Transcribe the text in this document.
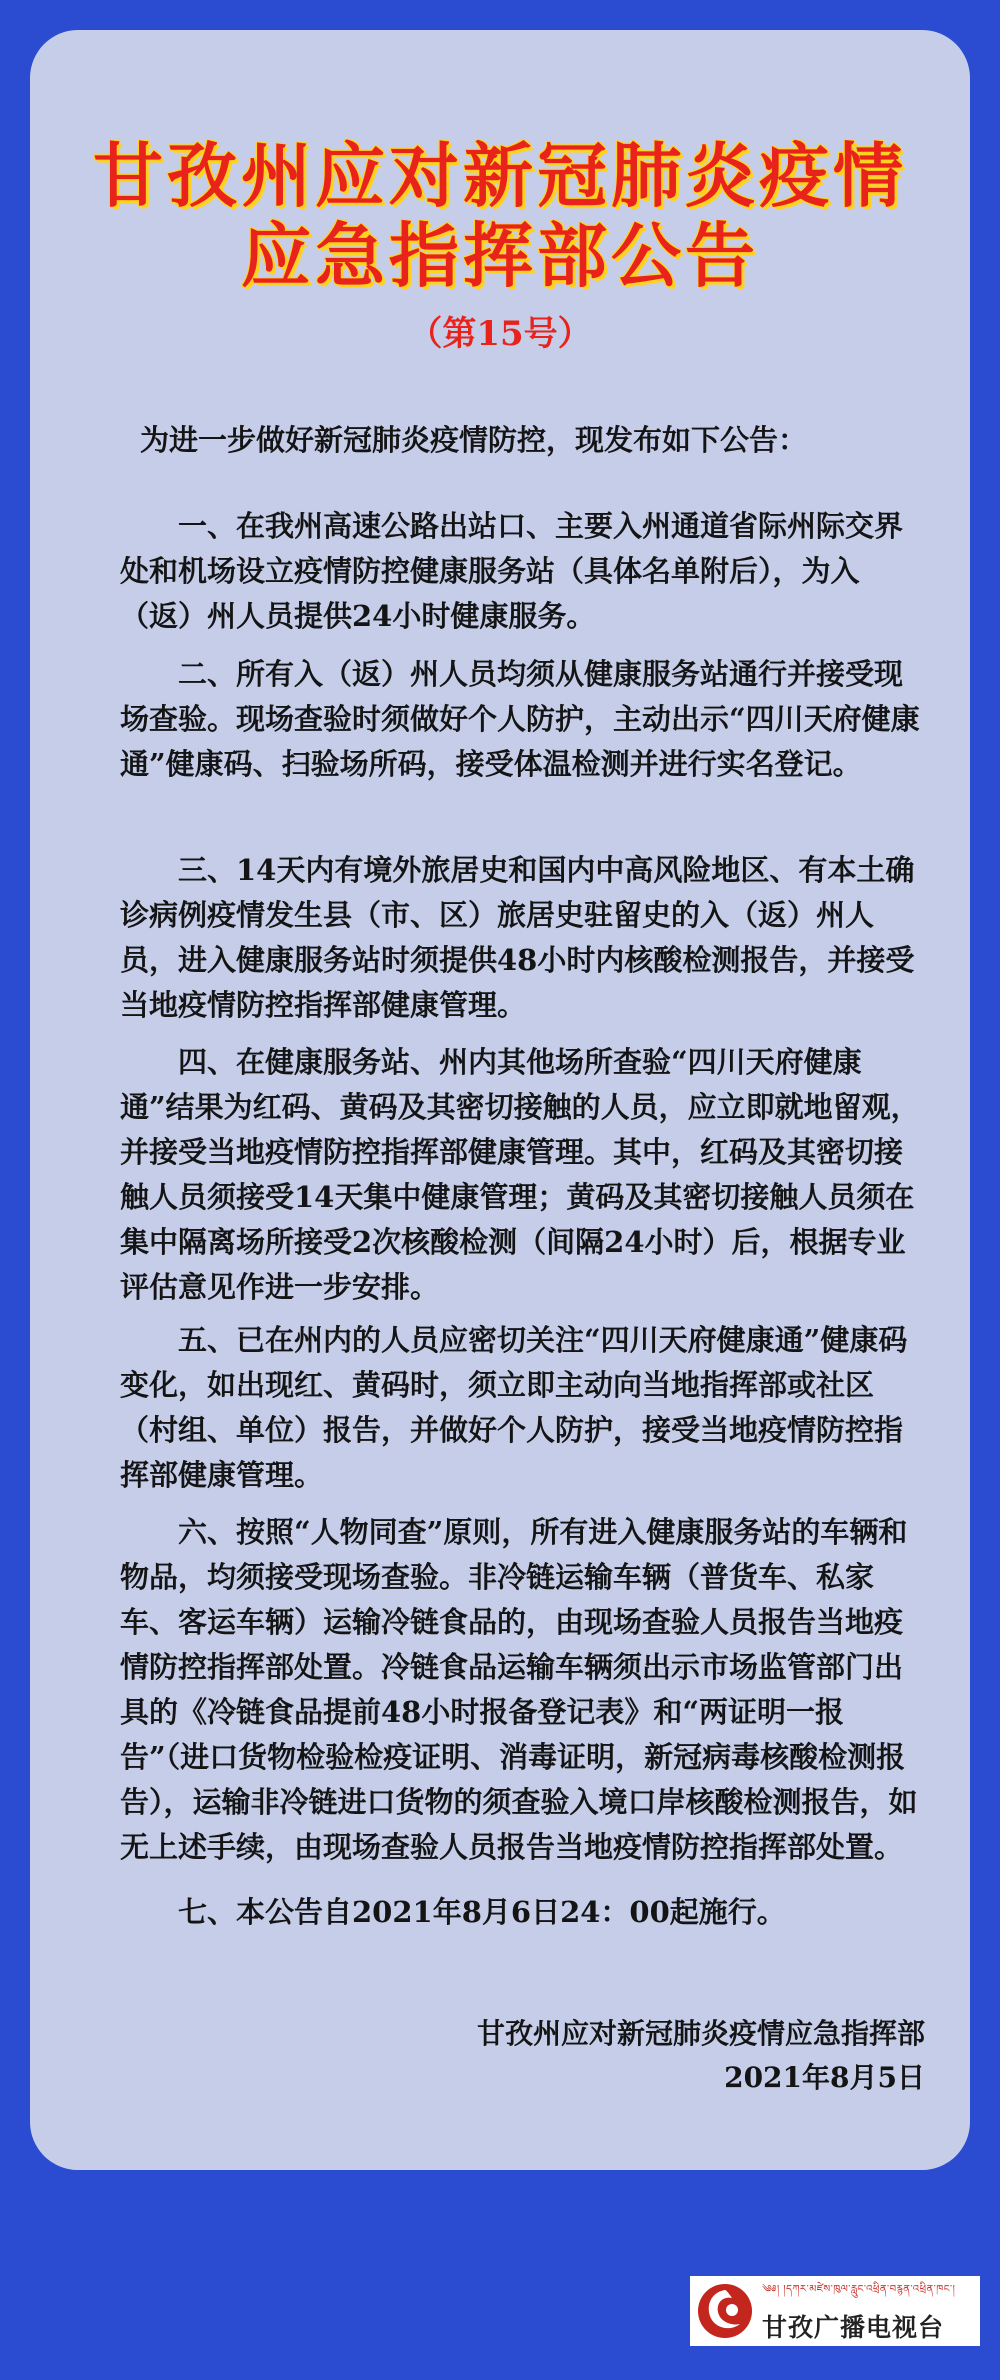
甘孜州应对新冠肺炎疫情
应急指挥部公告
（第15号）

为进一步做好新冠肺炎疫情防控，现发布如下公告：

一、在我州高速公路出站口、主要入州通道省际州际交界处和机场设立疫情防控健康服务站（具体名单附后），为入（返）州人员提供24小时健康服务。

二、所有入（返）州人员均须从健康服务站通行并接受现场查验。现场查验时须做好个人防护，主动出示“四川天府健康通”健康码、扫验场所码，接受体温检测并进行实名登记。

三、14天内有境外旅居史和国内中高风险地区、有本土确诊病例疫情发生县（市、区）旅居史驻留史的入（返）州人员，进入健康服务站时须提供48小时内核酸检测报告，并接受当地疫情防控指挥部健康管理。

四、在健康服务站、州内其他场所查验“四川天府健康通”结果为红码、黄码及其密切接触的人员，应立即就地留观，并接受当地疫情防控指挥部健康管理。其中，红码及其密切接触人员须接受14天集中健康管理；黄码及其密切接触人员须在集中隔离场所接受2次核酸检测（间隔24小时）后，根据专业评估意见作进一步安排。

五、已在州内的人员应密切关注“四川天府健康通”健康码变化，如出现红、黄码时，须立即主动向当地指挥部或社区（村组、单位）报告，并做好个人防护，接受当地疫情防控指挥部健康管理。

六、按照“人物同查”原则，所有进入健康服务站的车辆和物品，均须接受现场查验。非冷链运输车辆（普货车、私家车、客运车辆）运输冷链食品的，由现场查验人员报告当地疫情防控指挥部处置。冷链食品运输车辆须出示市场监管部门出具的《冷链食品提前48小时报备登记表》和“两证明一报告”（进口货物检验检疫证明、消毒证明，新冠病毒核酸检测报告），运输非冷链进口货物的须查验入境口岸核酸检测报告，如无上述手续，由现场查验人员报告当地疫情防控指挥部处置。

七、本公告自2021年8月6日24：00起施行。

甘孜州应对新冠肺炎疫情应急指挥部
2021年8月5日
༄༅། །དཀར་མཛེས་ཁུལ་རླུང་འཕྲིན་བརྙན་འཕྲིན་ཁང་།
甘孜广播电视台
